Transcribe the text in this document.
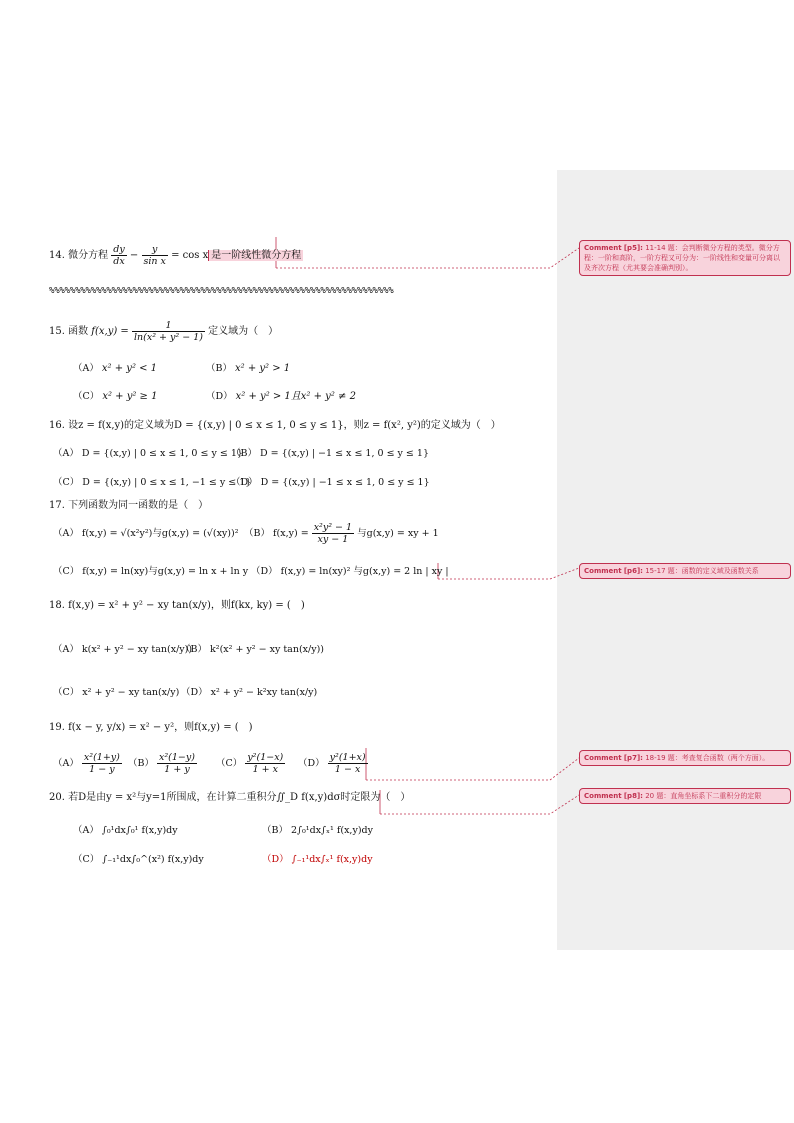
14. 微分方程 $\frac{dy}{dx} - \frac{y}{\text{sin x}} = \cos x$ 是一阶线性微分方程
%%%%%%%%%%%%%%%%%%%%%%%%%%%%%%%%%%%%%%%%%%%%%%%%%%%%%%%%%%%%%%%%%%
15. 函数 $f(x,y) = \frac{1}{\text{ln(x² + y² − 1)}}$ 定义域为（　）
（A） x² + y² < 1	（B） x² + y² > 1
（C） x² + y² ≥ 1	（D） x² + y² > 1且x² + y² ≠ 2
16. 设z = f(x,y)的定义域为D = {(x,y) | 0 ≤ x ≤ 1, 0 ≤ y ≤ 1}，则z = f(x², y²)的定义域为（　）
（A） D = {(x,y) | 0 ≤ x ≤ 1, 0 ≤ y ≤ 1}
（B） D = {(x,y) | −1 ≤ x ≤ 1, 0 ≤ y ≤ 1}
（C） D = {(x,y) | 0 ≤ x ≤ 1, −1 ≤ y ≤ 1}
（D） D = {(x,y) | −1 ≤ x ≤ 1, 0 ≤ y ≤ 1}
17. 下列函数为同一函数的是（　）
（A） f(x,y) = √(x²y²)与g(x,y) = (√(xy))² （B） $f(x,y) = \frac{\text{x²y² − 1}}{xy - 1}$ 与g(x,y) = xy + 1
（C） f(x,y) = ln(xy)与g(x,y) = ln x + ln y （D） f(x,y) = ln(xy)² 与g(x,y) = 2 ln | xy |
18. f(x,y) = x² + y² − xy tan(x/y)，则f(kx, ky) = (　)
（A） k(x² + y² − xy tan(x/y))
（B） k²(x² + y² − xy tan(x/y))
（C） x² + y² − xy tan(x/y) （D） x² + y² − k²xy tan(x/y)
19. f(x − y, y/x) = x² − y²，则f(x,y) = (　)
$(A) \frac{\text{x²(1+y)}}{1 - y} (B) \frac{\text{x²(1−y)}}{1 + y} (C) \frac{\text{y²(1−x)}}{1 + x} (D) \frac{\text{y²(1+x)}}{1 - x}$
20. 若D是由y = x²与y=1所围成，在计算二重积分∬_D f(x,y)dσ时定限为（　）
（A） ∫₀¹dx∫₀¹ f(x,y)dy	（B） 2∫₀¹dx∫ₓ¹ f(x,y)dy
（C） ∫₋₁¹dx∫₀^(x²) f(x,y)dy	（D） ∫₋₁¹dx∫ₓ¹ f(x,y)dy
Comment [p5]: 11-14 题：会判断微分方程的类型。微分方程：一阶和高阶，一阶方程又可分为：一阶线性和变量可分离以及齐次方程（尤其要会准确判别）。
Comment [p6]: 15-17 题：函数的定义域及函数关系
Comment [p7]: 18-19 题：考查复合函数（两个方面）。
Comment [p8]: 20 题：直角坐标系下二重积分的定限
